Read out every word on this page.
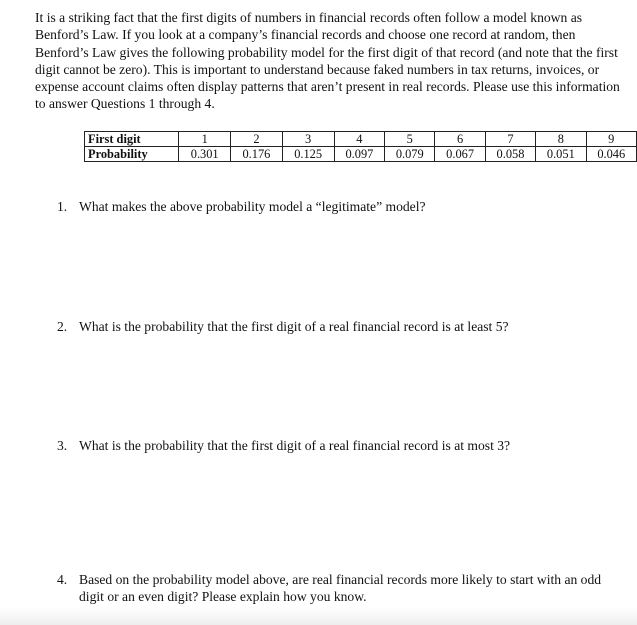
It is a striking fact that the first digits of numbers in financial records often follow a model known as Benford’s Law. If you look at a company’s financial records and choose one record at random, then Benford’s Law gives the following probability model for the first digit of that record (and note that the first digit cannot be zero). This is important to understand because faked numbers in tax returns, invoices, or expense account claims often display patterns that aren’t present in real records. Please use this information to answer Questions 1 through 4.

First digit	1	2	3	4	5	6	7	8	9
Probability	0.301	0.176	0.125	0.097	0.079	0.067	0.058	0.051	0.046
1. What makes the above probability model a “legitimate” model?
2. What is the probability that the first digit of a real financial record is at least 5?
3. What is the probability that the first digit of a real financial record is at most 3?
4. Based on the probability model above, are real financial records more likely to start with an odd digit or an even digit? Please explain how you know.
